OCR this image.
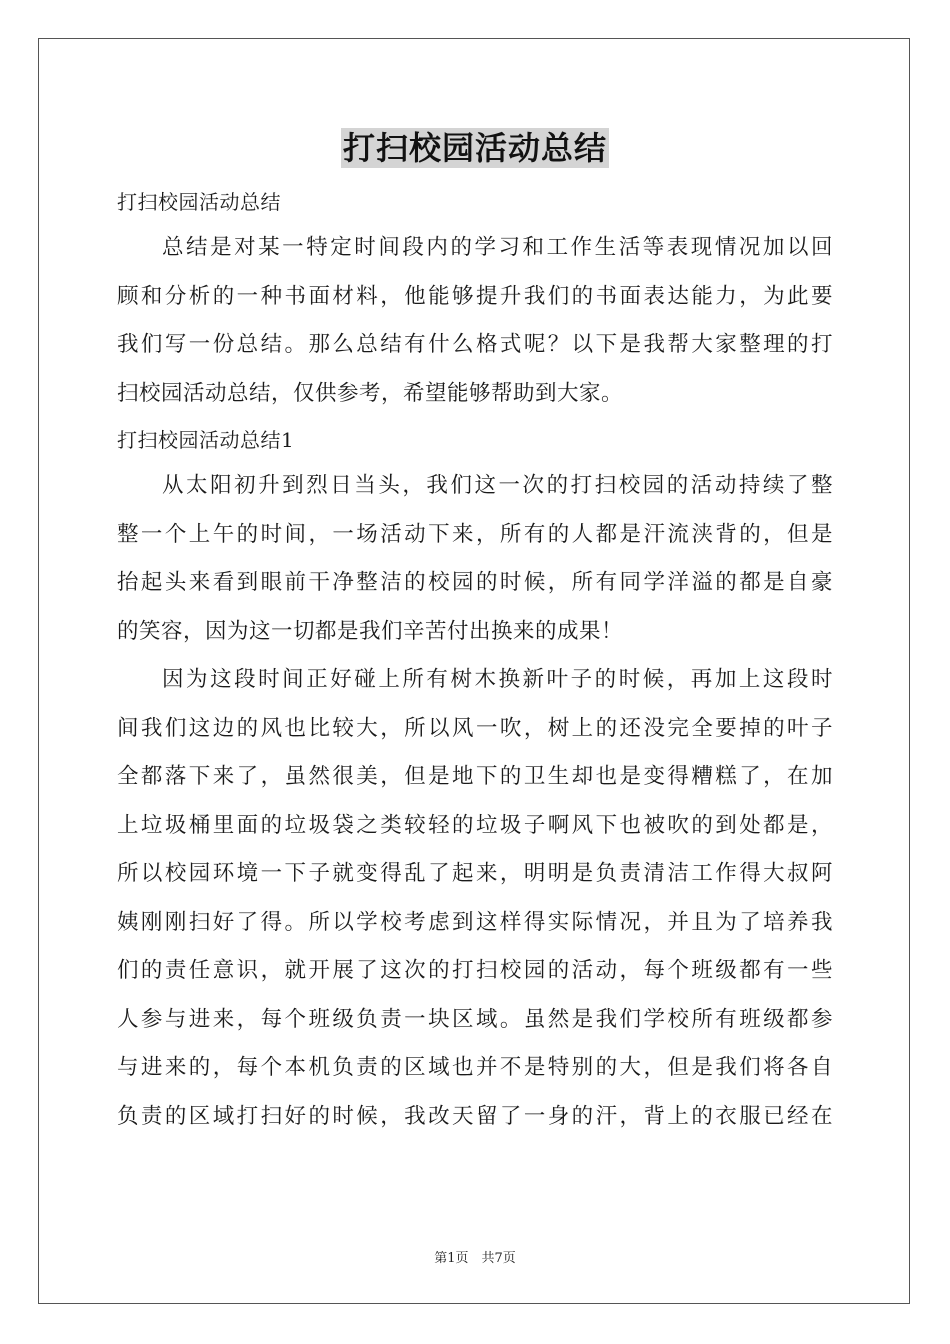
打扫校园活动总结
打扫校园活动总结
总结是对某一特定时间段内的学习和工作生活等表现情况加以回
顾和分析的一种书面材料，他能够提升我们的书面表达能力，为此要
我们写一份总结。那么总结有什么格式呢？以下是我帮大家整理的打
扫校园活动总结，仅供参考，希望能够帮助到大家。
打扫校园活动总结1
从太阳初升到烈日当头，我们这一次的打扫校园的活动持续了整
整一个上午的时间，一场活动下来，所有的人都是汗流浃背的，但是
抬起头来看到眼前干净整洁的校园的时候，所有同学洋溢的都是自豪
的笑容，因为这一切都是我们辛苦付出换来的成果！
因为这段时间正好碰上所有树木换新叶子的时候，再加上这段时
间我们这边的风也比较大，所以风一吹，树上的还没完全要掉的叶子
全都落下来了，虽然很美，但是地下的卫生却也是变得糟糕了，在加
上垃圾桶里面的垃圾袋之类较轻的垃圾子啊风下也被吹的到处都是，
所以校园环境一下子就变得乱了起来，明明是负责清洁工作得大叔阿
姨刚刚扫好了得。所以学校考虑到这样得实际情况，并且为了培养我
们的责任意识，就开展了这次的打扫校园的活动，每个班级都有一些
人参与进来，每个班级负责一块区域。虽然是我们学校所有班级都参
与进来的，每个本机负责的区域也并不是特别的大，但是我们将各自
负责的区域打扫好的时候，我改天留了一身的汗，背上的衣服已经在
第1页　共7页
